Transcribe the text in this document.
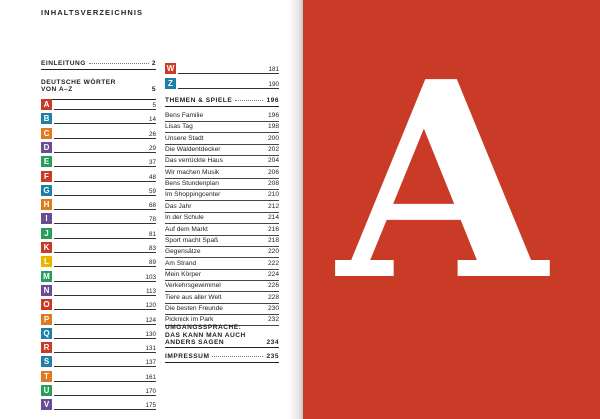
INHALTSVERZEICHNIS
EINLEITUNG	2
DEUTSCHE WÖRTER
VON A–Z	5
A	5
B	14
C	26
D	29
E	37
F	48
G	59
H	68
I	78
J	81
K	83
L	89
M	103
N	113
O	120
P	124
Q	130
R	131
S	137
T	161
U	170
V	175
W	181
Z	190
THEMEN & SPIELE	196
Bens Familie	196
Lisas Tag	198
Unsere Stadt	200
Die Waldentdecker	202
Das verrückte Haus	204
Wir machen Musik	206
Bens Stundenplan	208
Im Shoppingcenter	210
Das Jahr	212
In der Schule	214
Auf dem Markt	216
Sport macht Spaß	218
Gegensätze	220
Am Strand	222
Mein Körper	224
Verkehrsgewimmel	226
Tiere aus aller Welt	228
Die besten Freunde	230
Picknick im Park	232
UMGANGSSPRACHE:
DAS KANN MAN AUCH
ANDERS SAGEN	234
IMPRESSUM	235
A
